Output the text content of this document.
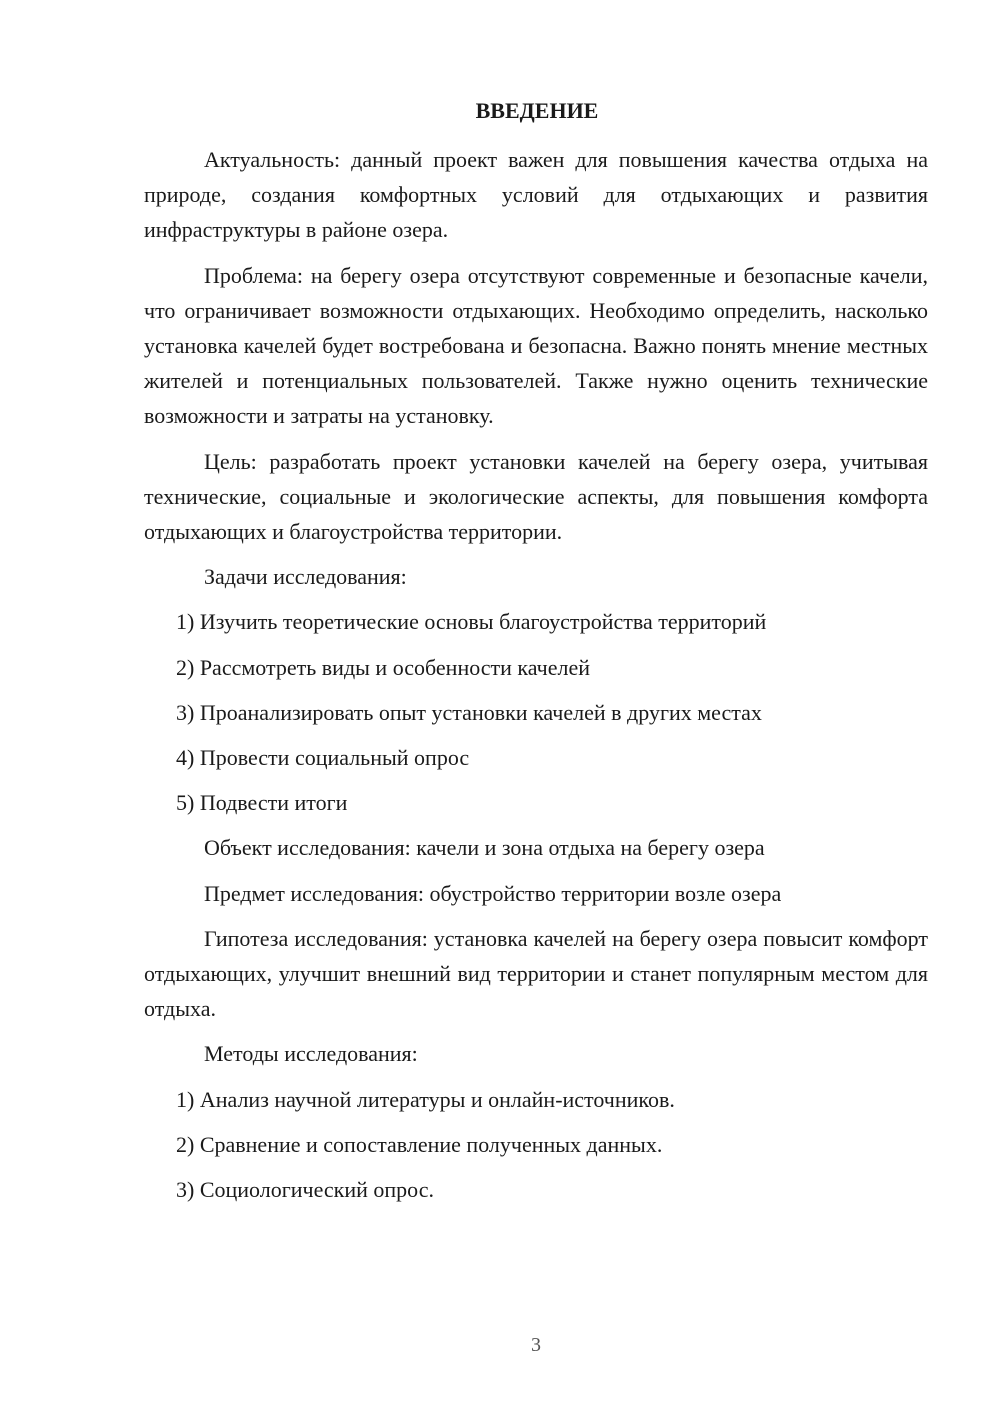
ВВЕДЕНИЕ

Актуальность: данный проект важен для повышения качества отдыха на природе, создания комфортных условий для отдыхающих и развития инфраструктуры в районе озера.

Проблема: на берегу озера отсутствуют современные и безопасные качели, что ограничивает возможности отдыхающих. Необходимо определить, насколько установка качелей будет востребована и безопасна. Важно понять мнение местных жителей и потенциальных пользователей. Также нужно оценить технические возможности и затраты на установку.

Цель: разработать проект установки качелей на берегу озера, учитывая технические, социальные и экологические аспекты, для повышения комфорта отдыхающих и благоустройства территории.

Задачи исследования:

1) Изучить теоретические основы благоустройства территорий

2) Рассмотреть виды и особенности качелей

3) Проанализировать опыт установки качелей в других местах

4) Провести социальный опрос

5) Подвести итоги

Объект исследования: качели и зона отдыха на берегу озера

Предмет исследования: обустройство территории возле озера

Гипотеза исследования: установка качелей на берегу озера повысит комфорт отдыхающих, улучшит внешний вид территории и станет популярным местом для отдыха.

Методы исследования:

1) Анализ научной литературы и онлайн-источников.

2) Сравнение и сопоставление полученных данных.

3) Социологический опрос.

3
